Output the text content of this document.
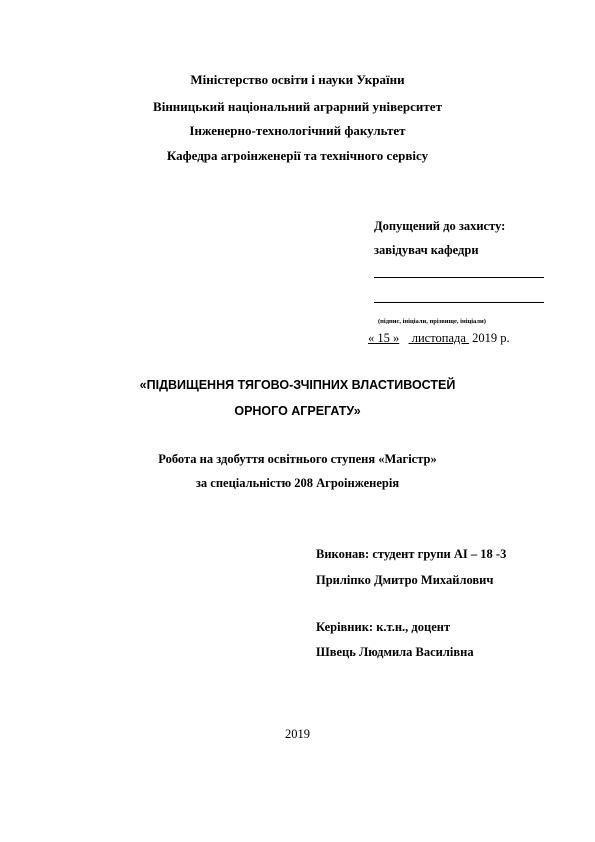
Міністерство освіти і науки України
Вінницький національний аграрний університет
Інженерно-технологічний факультет
Кафедра агроінженерії та технічного сервісу
Допущений до захисту:
завідувач кафедри
(підпис, ініціали, прізвище, ініціали)
« 15 »    листопада  2019 р.
«ПІДВИЩЕННЯ ТЯГОВО-ЗЧІПНИХ ВЛАСТИВОСТЕЙ
ОРНОГО АГРЕГАТУ»
Робота на здобуття освітнього ступеня «Магістр»
за спеціальністю 208 Агроінженерія
Виконав: студент групи АІ – 18 -3
Приліпко Дмитро Михайлович
Керівник: к.т.н., доцент
Швець Людмила Василівна
2019
